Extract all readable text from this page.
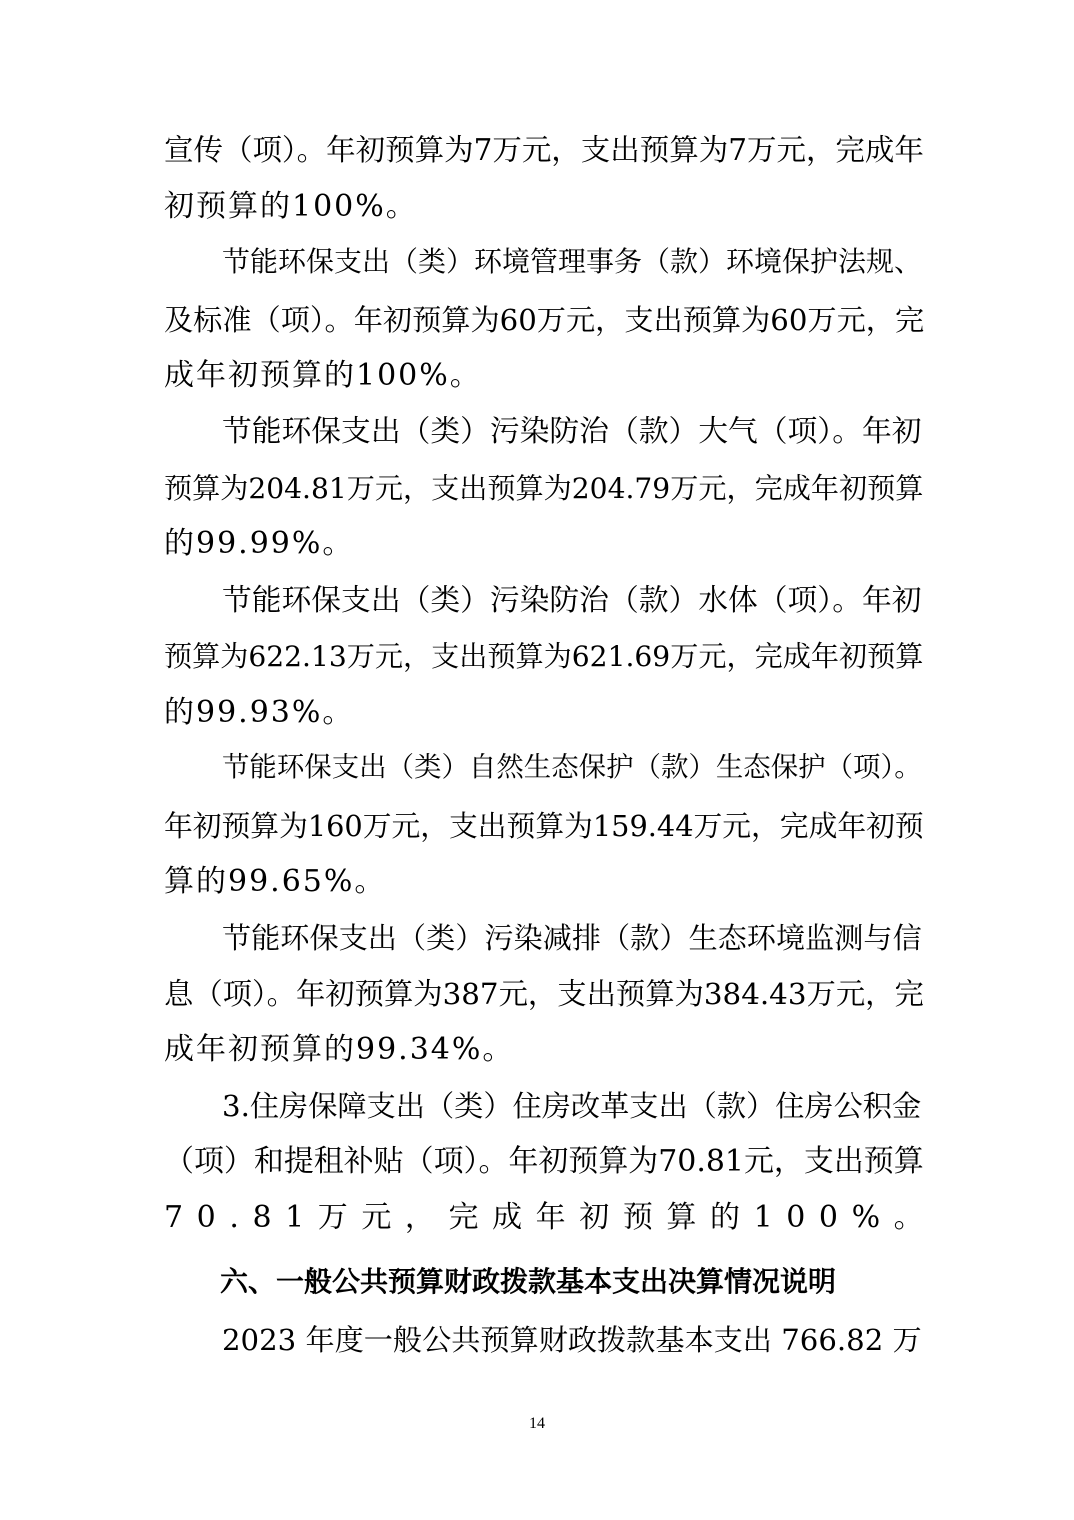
宣传（项）。年初预算为7万元，支出预算为7万元，完成年
初预算的100%。
节能环保支出（类）环境管理事务（款）环境保护法规、
及标准（项）。年初预算为60万元，支出预算为60万元，完
成年初预算的100%。
节能环保支出（类）污染防治（款）大气（项）。年初
预算为204.81万元，支出预算为204.79万元，完成年初预算
的99.99%。
节能环保支出（类）污染防治（款）水体（项）。年初
预算为622.13万元，支出预算为621.69万元，完成年初预算
的99.93%。
节能环保支出（类）自然生态保护（款）生态保护（项）。
年初预算为160万元，支出预算为159.44万元，完成年初预
算的99.65%。
节能环保支出（类）污染减排（款）生态环境监测与信
息（项）。年初预算为387元，支出预算为384.43万元，完
成年初预算的99.34%。
3.住房保障支出（类）住房改革支出（款）住房公积金
（项）和提租补贴（项）。年初预算为70.81元，支出预算
70.81万元，完成年初预算的100%。
六、一般公共预算财政拨款基本支出决算情况说明
2023 年度一般公共预算财政拨款基本支出 766.82 万
14
